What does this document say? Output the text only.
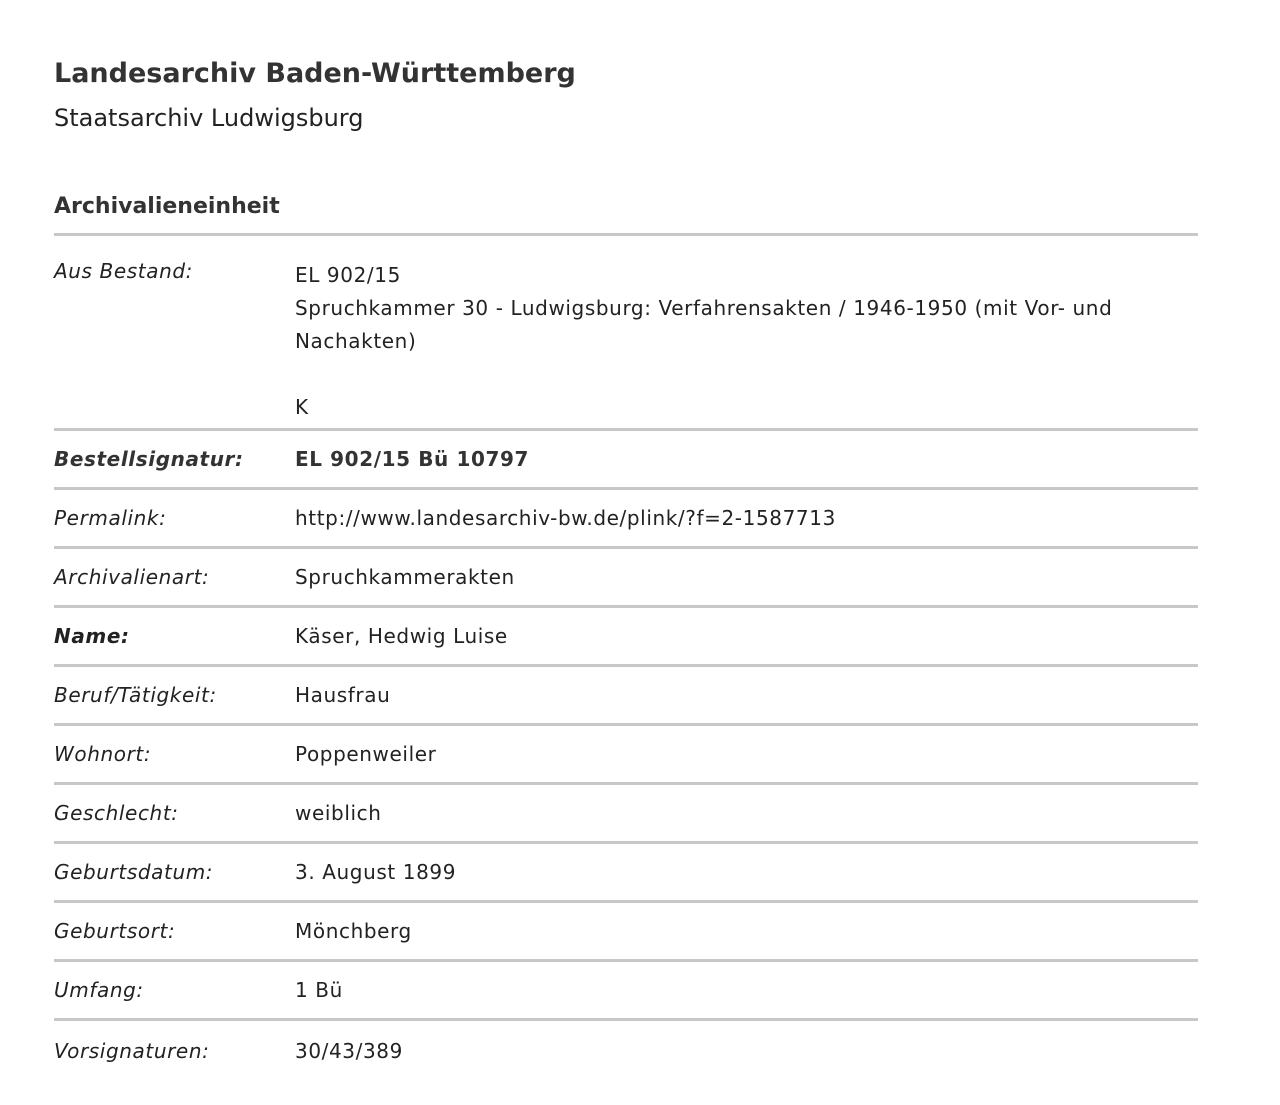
Landesarchiv Baden-Württemberg
Staatsarchiv Ludwigsburg
Archivalieneinheit
Aus Bestand:	EL 902/15
Spruchkammer 30 - Ludwigsburg: Verfahrensakten / 1946-1950 (mit Vor- und Nachakten)
K
Bestellsignatur:	EL 902/15 Bü 10797
Permalink:	http://www.landesarchiv-bw.de/plink/?f=2-1587713
Archivalienart:	Spruchkammerakten
Name:	Käser, Hedwig Luise
Beruf/Tätigkeit:	Hausfrau
Wohnort:	Poppenweiler
Geschlecht:	weiblich
Geburtsdatum:	3. August 1899
Geburtsort:	Mönchberg
Umfang:	1 Bü
Vorsignaturen:	30/43/389
